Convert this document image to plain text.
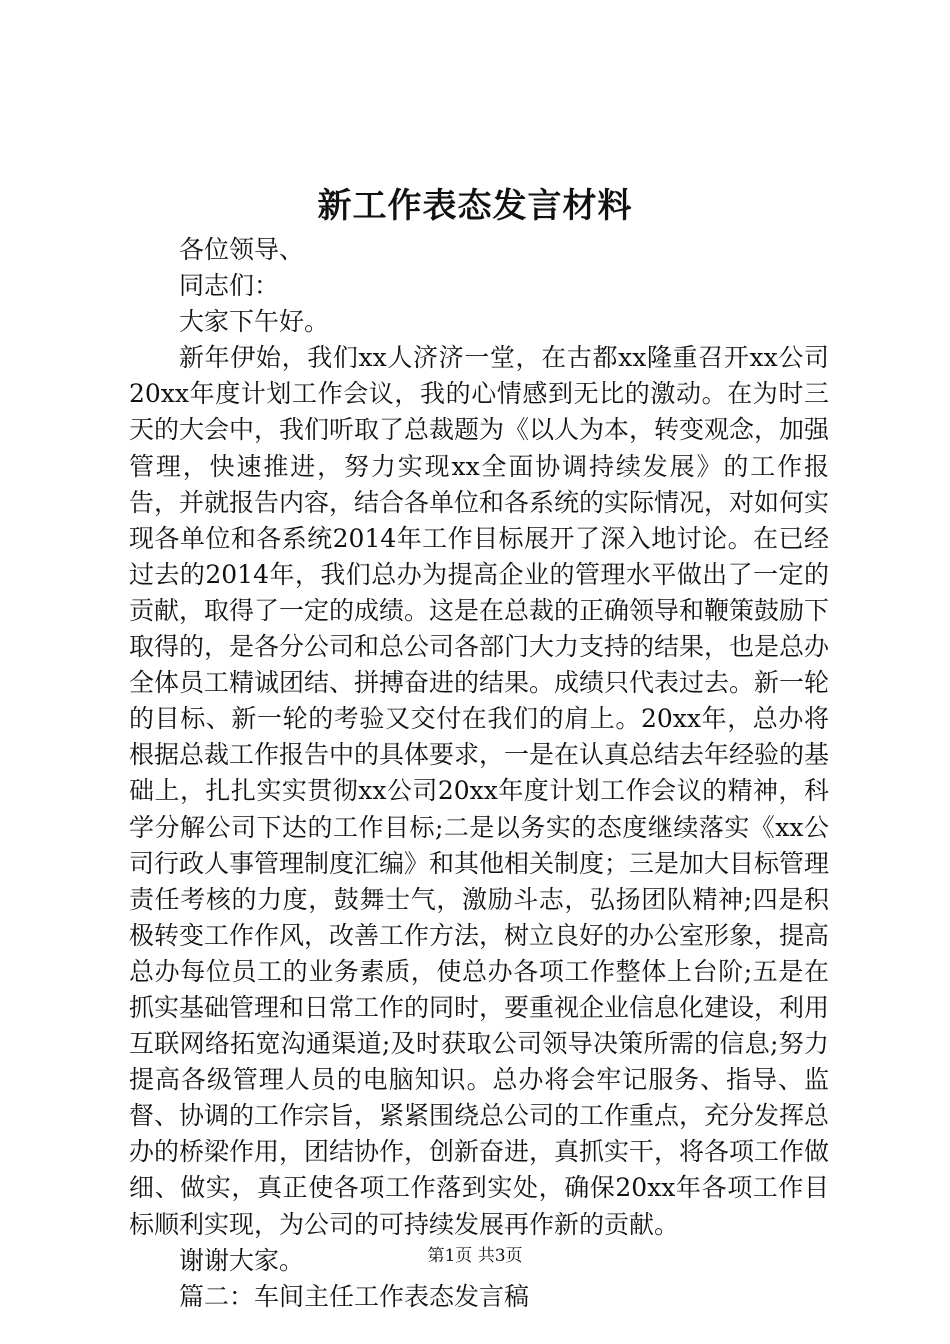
新工作表态发言材料

各位领导、

同志们：

大家下午好。

新年伊始，我们xx人济济一堂，在古都xx隆重召开xx公司20xx年度计划工作会议，我的心情感到无比的激动。在为时三天的大会中，我们听取了总裁题为《以人为本，转变观念，加强管理，快速推进，努力实现xx全面协调持续发展》的工作报告，并就报告内容，结合各单位和各系统的实际情况，对如何实现各单位和各系统2014年工作目标展开了深入地讨论。在已经过去的2014年，我们总办为提高企业的管理水平做出了一定的贡献，取得了一定的成绩。这是在总裁的正确领导和鞭策鼓励下取得的，是各分公司和总公司各部门大力支持的结果，也是总办全体员工精诚团结、拼搏奋进的结果。成绩只代表过去。新一轮的目标、新一轮的考验又交付在我们的肩上。20xx年，总办将根据总裁工作报告中的具体要求，一是在认真总结去年经验的基础上，扎扎实实贯彻xx公司20xx年度计划工作会议的精神，科学分解公司下达的工作目标;二是以务实的态度继续落实《xx公司行政人事管理制度汇编》和其他相关制度；三是加大目标管理责任考核的力度，鼓舞士气，激励斗志，弘扬团队精神;四是积极转变工作作风，改善工作方法，树立良好的办公室形象，提高总办每位员工的业务素质，使总办各项工作整体上台阶;五是在抓实基础管理和日常工作的同时，要重视企业信息化建设，利用互联网络拓宽沟通渠道;及时获取公司领导决策所需的信息;努力提高各级管理人员的电脑知识。总办将会牢记服务、指导、监督、协调的工作宗旨，紧紧围绕总公司的工作重点，充分发挥总办的桥梁作用，团结协作，创新奋进，真抓实干，将各项工作做细、做实，真正使各项工作落到实处，确保20xx年各项工作目标顺利实现，为公司的可持续发展再作新的贡献。

谢谢大家。

篇二：车间主任工作表态发言稿

第1页 共3页
